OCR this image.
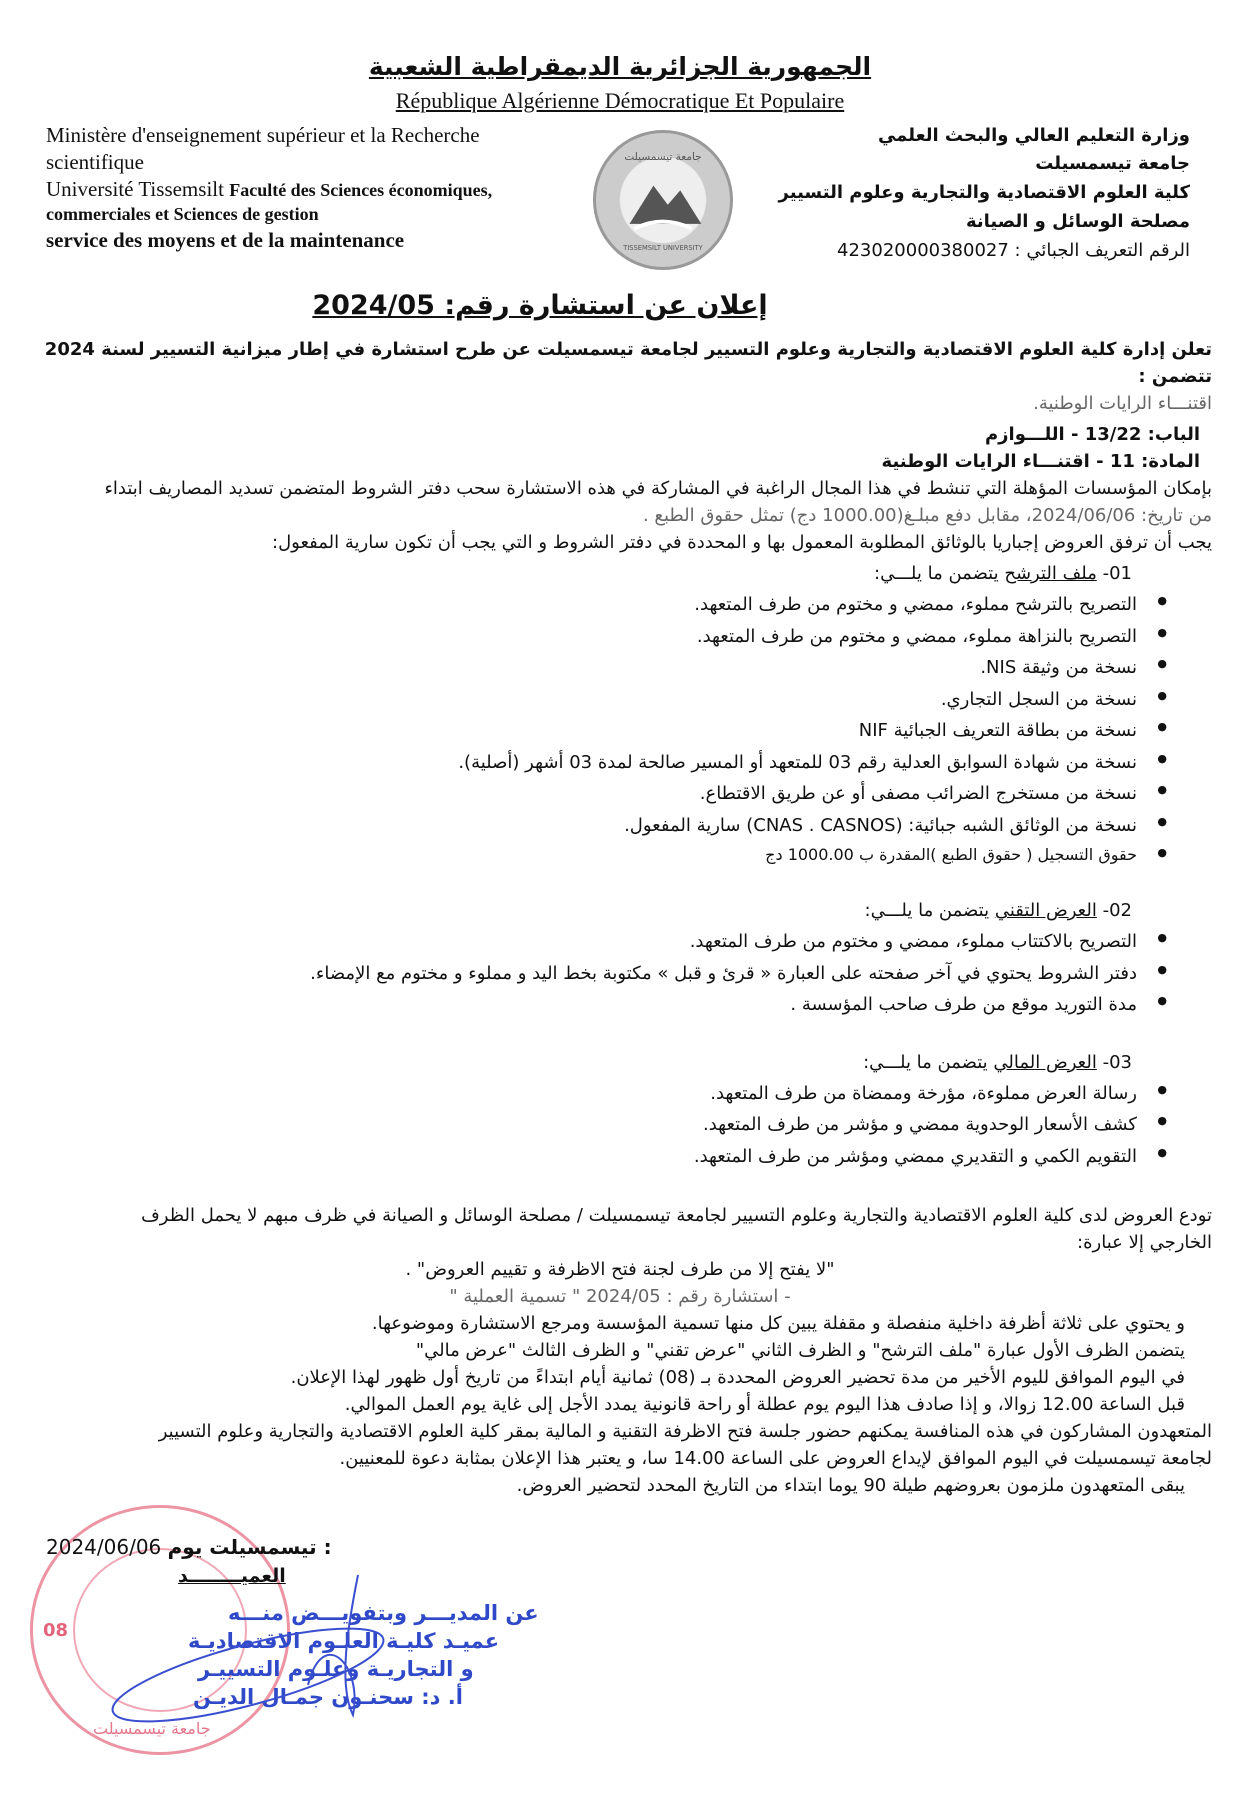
الجمهورية الجزائرية الديمقراطية الشعبية
République Algérienne Démocratique Et Populaire
Ministère d'enseignement supérieur et la Recherche
scientifique
Université Tissemsilt Faculté des Sciences économiques,
commerciales et Sciences de gestion
service des moyens et de la maintenance
جامعة تيسمسيلت
TISSEMSILT UNIVERSITY
وزارة التعليم العالي والبحث العلمي
جامعة تيسمسيلت
كلية العلوم الاقتصادية والتجارية وعلوم التسيير
مصلحة الوسائل و الصيانة
الرقم التعريف الجبائي : 423020000380027
إعلان عن استشارة رقم: 2024/05
تعلن إدارة كلية العلوم الاقتصادية والتجارية وعلوم التسيير لجامعة تيسمسيلت عن طرح استشارة في إطار ميزانية التسيير لسنة 2024 تتضمن :
اقتنـــاء الرايات الوطنية.
الباب: 13/22 - اللـــوازم
المادة: 11 - اقتنـــاء الرايات الوطنية
بإمكان المؤسسات المؤهلة التي تنشط في هذا المجال الراغبة في المشاركة في هذه الاستشارة سحب دفتر الشروط المتضمن تسديد المصاريف ابتداء
من تاريخ: 2024/06/06، مقابل دفع مبلـغ(1000.00 دج) تمثل حقوق الطبع .
يجب أن ترفق العروض إجباريا بالوثائق المطلوبة المعمول بها و المحددة في دفتر الشروط و التي يجب أن تكون سارية المفعول:
01- ملف الترشح يتضمن ما يلـــي:
● التصريح بالترشح مملوء، ممضي و مختوم من طرف المتعهد.
● التصريح بالنزاهة مملوء، ممضي و مختوم من طرف المتعهد.
● نسخة من وثيقة NIS.
● نسخة من السجل التجاري.
● نسخة من بطاقة التعريف الجبائية NIF
● نسخة من شهادة السوابق العدلية رقم 03 للمتعهد أو المسير صالحة لمدة 03 أشهر (أصلية).
● نسخة من مستخرج الضرائب مصفى أو عن طريق الاقتطاع.
● نسخة من الوثائق الشبه جبائية: (CNAS . CASNOS) سارية المفعول.
● حقوق التسجيل ( حقوق الطبع )المقدرة ب 1000.00 دج
02- العرض التقني يتضمن ما يلـــي:
● التصريح بالاكتتاب مملوء، ممضي و مختوم من طرف المتعهد.
● دفتر الشروط يحتوي في آخر صفحته على العبارة « قرئ و قبل » مكتوبة بخط اليد و مملوء و مختوم مع الإمضاء.
● مدة التوريد موقع من طرف صاحب المؤسسة .
03- العرض المالي يتضمن ما يلـــي:
● رسالة العرض مملوءة، مؤرخة وممضاة من طرف المتعهد.
● كشف الأسعار الوحدوية ممضي و مؤشر من طرف المتعهد.
● التقويم الكمي و التقديري ممضي ومؤشر من طرف المتعهد.
تودع العروض لدى كلية العلوم الاقتصادية والتجارية وعلوم التسيير لجامعة تيسمسيلت / مصلحة الوسائل و الصيانة في ظرف مبهم لا يحمل الظرف
الخارجي إلا عبارة:
"لا يفتح إلا من طرف لجنة فتح الاظرفة و تقييم العروض" .
- استشارة رقم : 2024/05 " تسمية العملية "
و يحتوي على ثلاثة أظرفة داخلية منفصلة و مقفلة يبين كل منها تسمية المؤسسة ومرجع الاستشارة وموضوعها.
يتضمن الظرف الأول عبارة "ملف الترشح" و الظرف الثاني "عرض تقني" و الظرف الثالث "عرض مالي"
في اليوم الموافق لليوم الأخير من مدة تحضير العروض المحددة بـ (08) ثمانية أيام ابتداءً من تاريخ أول ظهور لهذا الإعلان.
قبل الساعة 12.00 زوالا، و إذا صادف هذا اليوم يوم عطلة أو راحة قانونية يمدد الأجل إلى غاية يوم العمل الموالي.
المتعهدون المشاركون في هذه المنافسة يمكنهم حضور جلسة فتح الاظرفة التقنية و المالية بمقر كلية العلوم الاقتصادية والتجارية وعلوم التسيير
لجامعة تيسمسيلت في اليوم الموافق لإيداع العروض على الساعة 14.00 سا، و يعتبر هذا الإعلان بمثابة دعوة للمعنيين.
يبقى المتعهدون ملزمون بعروضهم طيلة 90 يوما ابتداء من التاريخ المحدد لتحضير العروض.
جامعة تيسمسيلت
08
2024/06/06 تيسمسيلت يوم :
العميــــــــد
عن المديـــر وبتفويـــض منـــه
عميـد كليـة العلـوم الاقتصاديـة
و التجاريـة وعلـوم التسييـر
أ. د: سحنـون جمـال الديـن
